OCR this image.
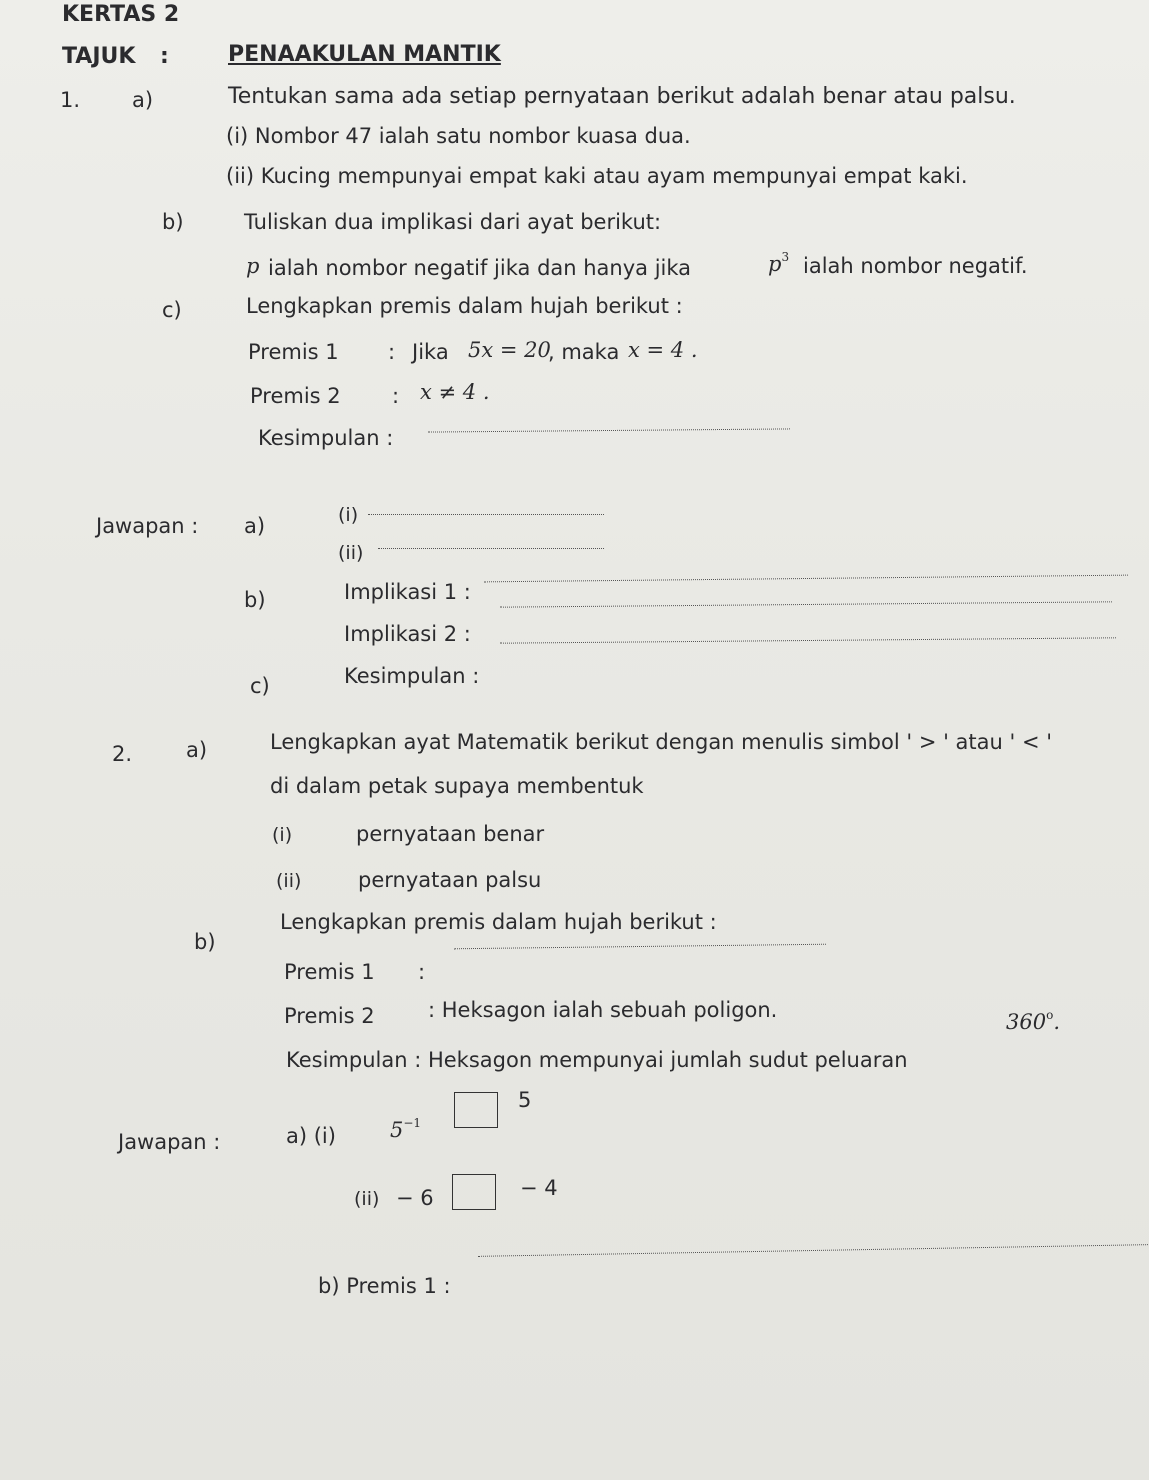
KERTAS 2
TAJUK :	PENAAKULAN MANTIK
1. a)	Tentukan sama ada setiap pernyataan berikut adalah benar atau palsu.
(i) Nombor 47 ialah satu nombor kuasa dua.
(ii) Kucing mempunyai empat kaki atau ayam mempunyai empat kaki.
b)	Tuliskan dua implikasi dari ayat berikut:
p ialah nombor negatif jika dan hanya jika	$p^3$ ialah nombor negatif.
c)	Lengkapkan premis dalam hujah berikut :
Premis 1 : Jika 5x = 20
, maka x = 4 .
Premis 2 : x ≠ 4 .
Kesimpulan :
Jawapan : a)	(i)
(ii)
b)	Implikasi 1 :
Implikasi 2 :
c)	Kesimpulan :
2.	a)	Lengkapkan ayat Matematik berikut dengan menulis simbol ' > ' atau ' < '
di dalam petak supaya membentuk
(i)	pernyataan benar
(ii)	pernyataan palsu
b)
Lengkapkan premis dalam hujah berikut :
Premis 1 :
Premis 2	: Heksagon ialah sebuah poligon.
Kesimpulan : Heksagon mempunyai jumlah sudut peluaran
360$^o$.
Jawapan :	a) (i)	$5^{-1}$
5
(ii) − 6	− 4
b) Premis 1 :
